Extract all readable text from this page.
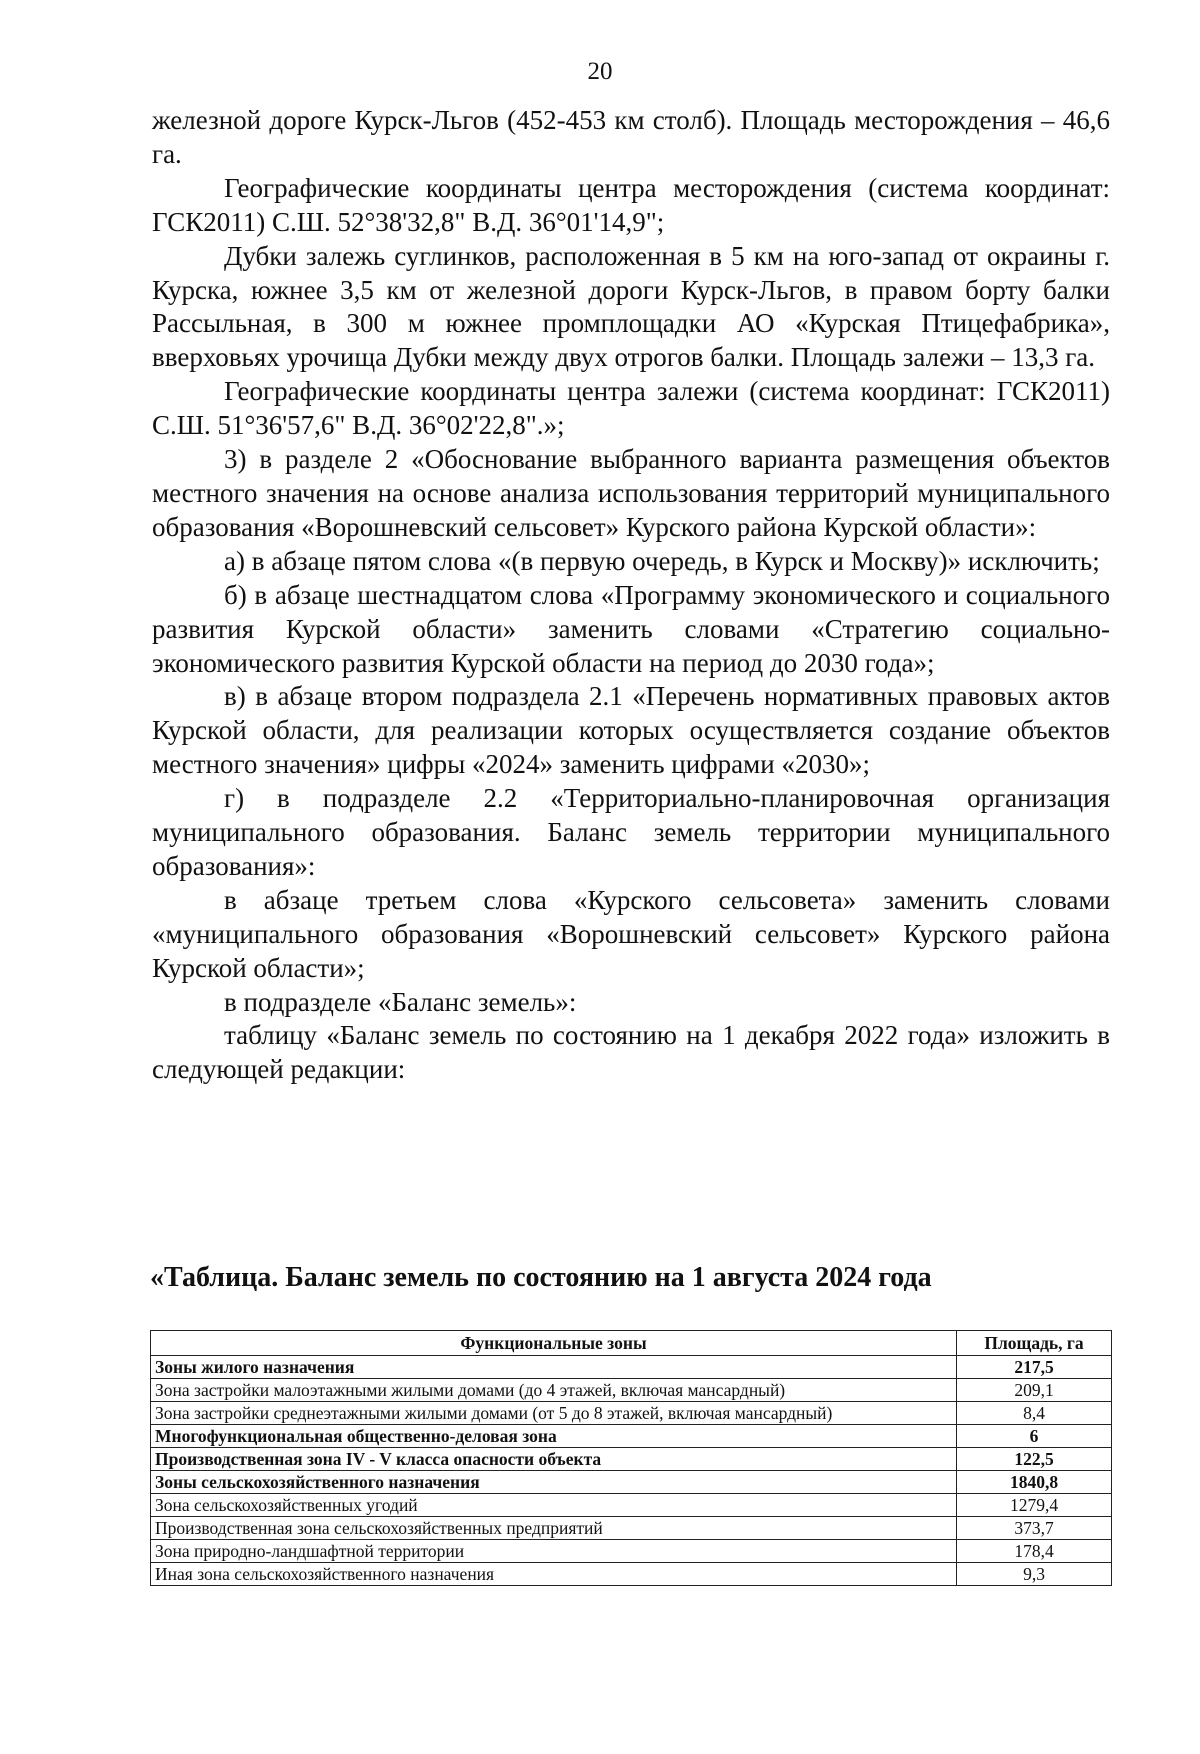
20

железной дороге Курск-Льгов (452-453 км столб). Площадь месторождения – 46,6 га.

Географические координаты центра месторождения (система координат: ГСК2011) С.Ш. 52°38'32,8" В.Д. 36°01'14,9";

Дубки залежь суглинков, расположенная в 5 км на юго-запад от окраины г. Курска, южнее 3,5 км от железной дороги Курск-Льгов, в правом борту балки Рассыльная, в 300 м южнее промплощадки АО «Курская Птицефабрика», вверховьях урочища Дубки между двух отрогов балки. Площадь залежи – 13,3 га.

Географические координаты центра залежи (система координат: ГСК2011) С.Ш. 51°36'57,6" В.Д. 36°02'22,8".»;

3) в разделе 2 «Обоснование выбранного варианта размещения объектов местного значения на основе анализа использования территорий муниципального образования «Ворошневский сельсовет» Курского района Курской области»:

а) в абзаце пятом слова «(в первую очередь, в Курск и Москву)» исключить;

б) в абзаце шестнадцатом слова «Программу экономического и социального развития Курской области» заменить словами «Стратегию социально-экономического развития Курской области на период до 2030 года»;

в) в абзаце втором подраздела 2.1 «Перечень нормативных правовых актов Курской области, для реализации которых осуществляется создание объектов местного значения» цифры «2024» заменить цифрами «2030»;

г) в подразделе 2.2 «Территориально-планировочная организация муниципального образования. Баланс земель территории муниципального образования»:

в абзаце третьем слова «Курского сельсовета» заменить словами «муниципального образования «Ворошневский сельсовет» Курского района Курской области»;

в подразделе «Баланс земель»:

таблицу «Баланс земель по состоянию на 1 декабря 2022 года» изложить в следующей редакции:

«Таблица. Баланс земель по состоянию на 1 августа 2024 года
Функциональные зоны	Площадь, га
Зоны жилого назначения	217,5
Зона застройки малоэтажными жилыми домами (до 4 этажей, включая мансардный)	209,1
Зона застройки среднеэтажными жилыми домами (от 5 до 8 этажей, включая мансардный)	8,4
Многофункциональная общественно-деловая зона	6
Производственная зона IV - V класса опасности объекта	122,5
Зоны сельскохозяйственного назначения	1840,8
Зона сельскохозяйственных угодий	1279,4
Производственная зона сельскохозяйственных предприятий	373,7
Зона природно-ландшафтной территории	178,4
Иная зона сельскохозяйственного назначения	9,3
